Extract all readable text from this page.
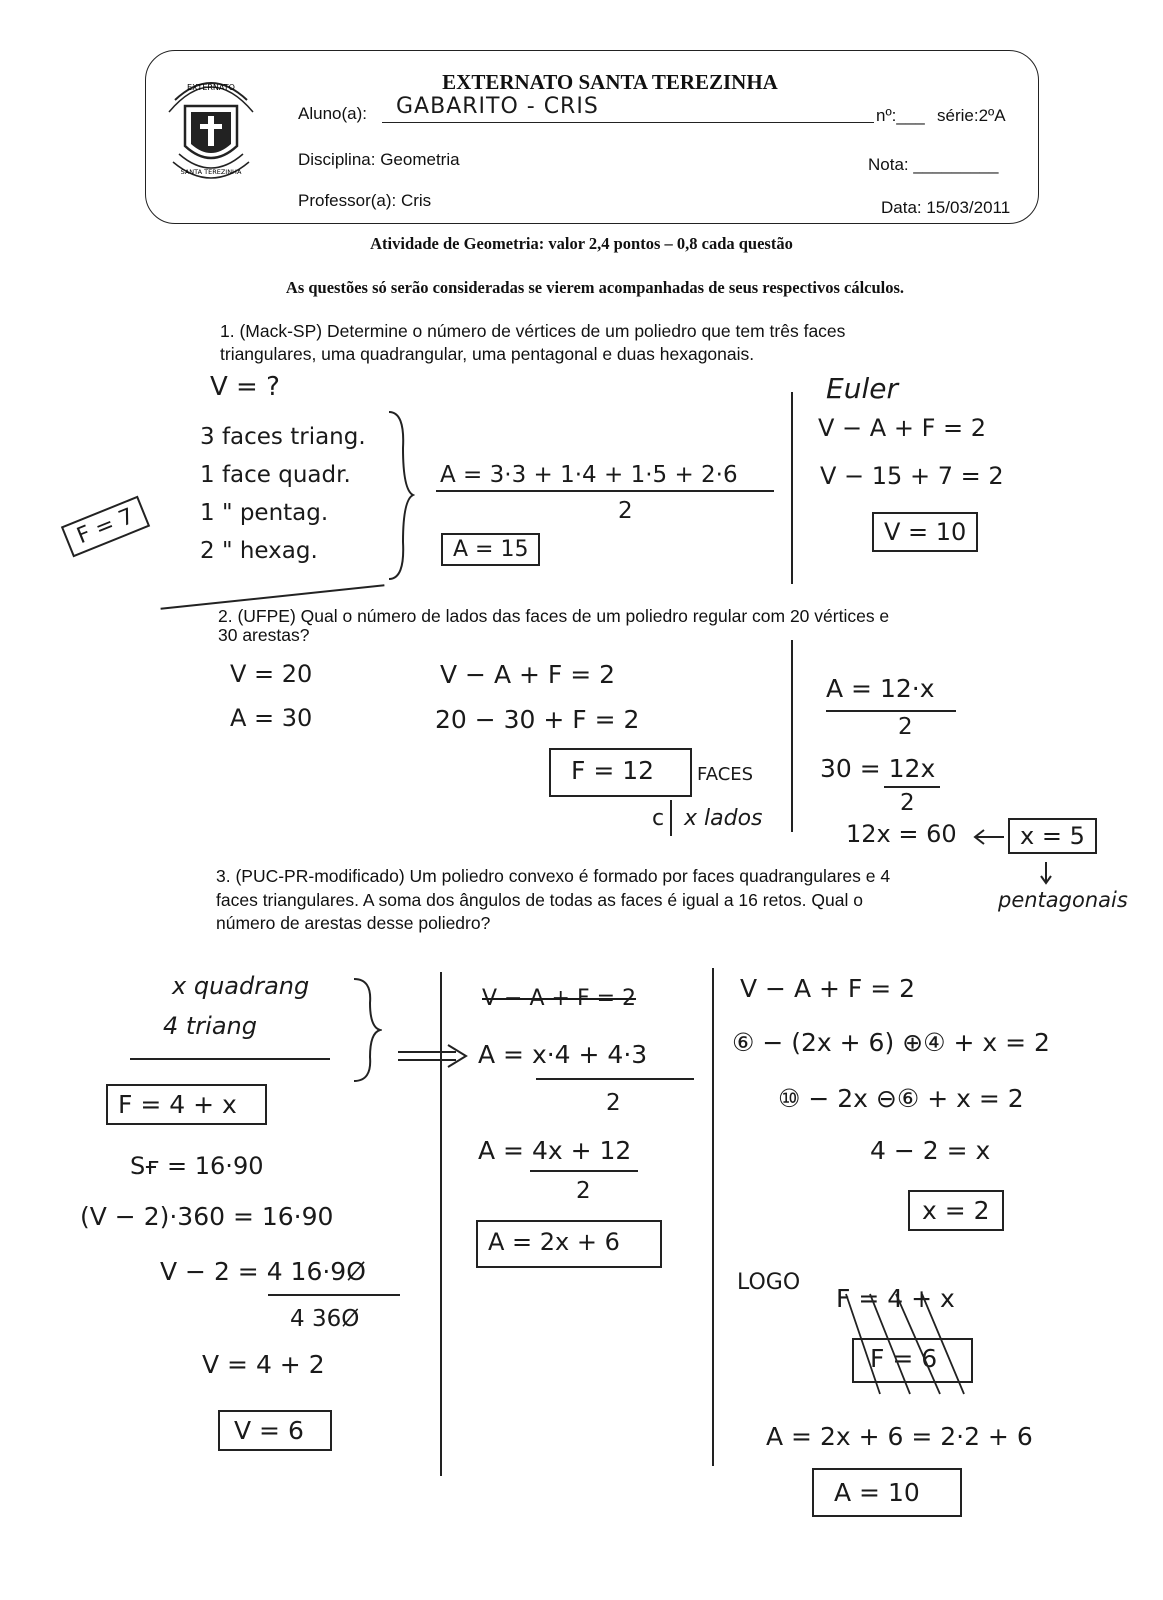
EXTERNATO
SANTA TEREZINHA
EXTERNATO SANTA TEREZINHA
Aluno(a): GABARITO - CRIS	nº:___ série:2ºA
Disciplina: Geometria	Nota: _________
Professor(a): Cris	Data: 15/03/2011
Atividade de Geometria: valor 2,4 pontos – 0,8 cada questão
As questões só serão consideradas se vierem acompanhadas de seus respectivos cálculos.
1. (Mack-SP) Determine o número de vértices de um poliedro que tem três faces
triangulares, uma quadrangular, uma pentagonal e duas hexagonais.
V = ?
3 faces triang.
1 face quadr.
1 " pentag.
2 " hexag.
F = 7
A = 3·3 + 1·4 + 1·5 + 2·6
2
A = 15
Euler
V − A + F = 2
V − 15 + 7 = 2
V = 10
2. (UFPE) Qual o número de lados das faces de um poliedro regular com 20 vértices e
30 arestas?
V = 20
A = 30
V − A + F = 2
20 − 30 + F = 2
F = 12	FACES
c x lados
A = 12·x
2
30 = 12x
2
12x = 60	x = 5
pentagonais
3. (PUC-PR-modificado) Um poliedro convexo é formado por faces quadrangulares e 4
faces triangulares. A soma dos ângulos de todas as faces é igual a 16 retos. Qual o
número de arestas desse poliedro?
x quadrang
4 triang
F = 4 + x
Sғ = 16·90
(V − 2)·360 = 16·90
V − 2 = 4 16·9Ø
4 36Ø
V = 4 + 2
V = 6
V − A + F = 2
A = x·4 + 4·3
2
A = 4x + 12
2
A = 2x + 6
V − A + F = 2
⑥ − (2x + 6) ⊕④ + x = 2
⑩ − 2x ⊖⑥ + x = 2
4 − 2 = x
x = 2
LOGO
F = 4 + x
F = 6
A = 2x + 6 = 2·2 + 6
A = 10
